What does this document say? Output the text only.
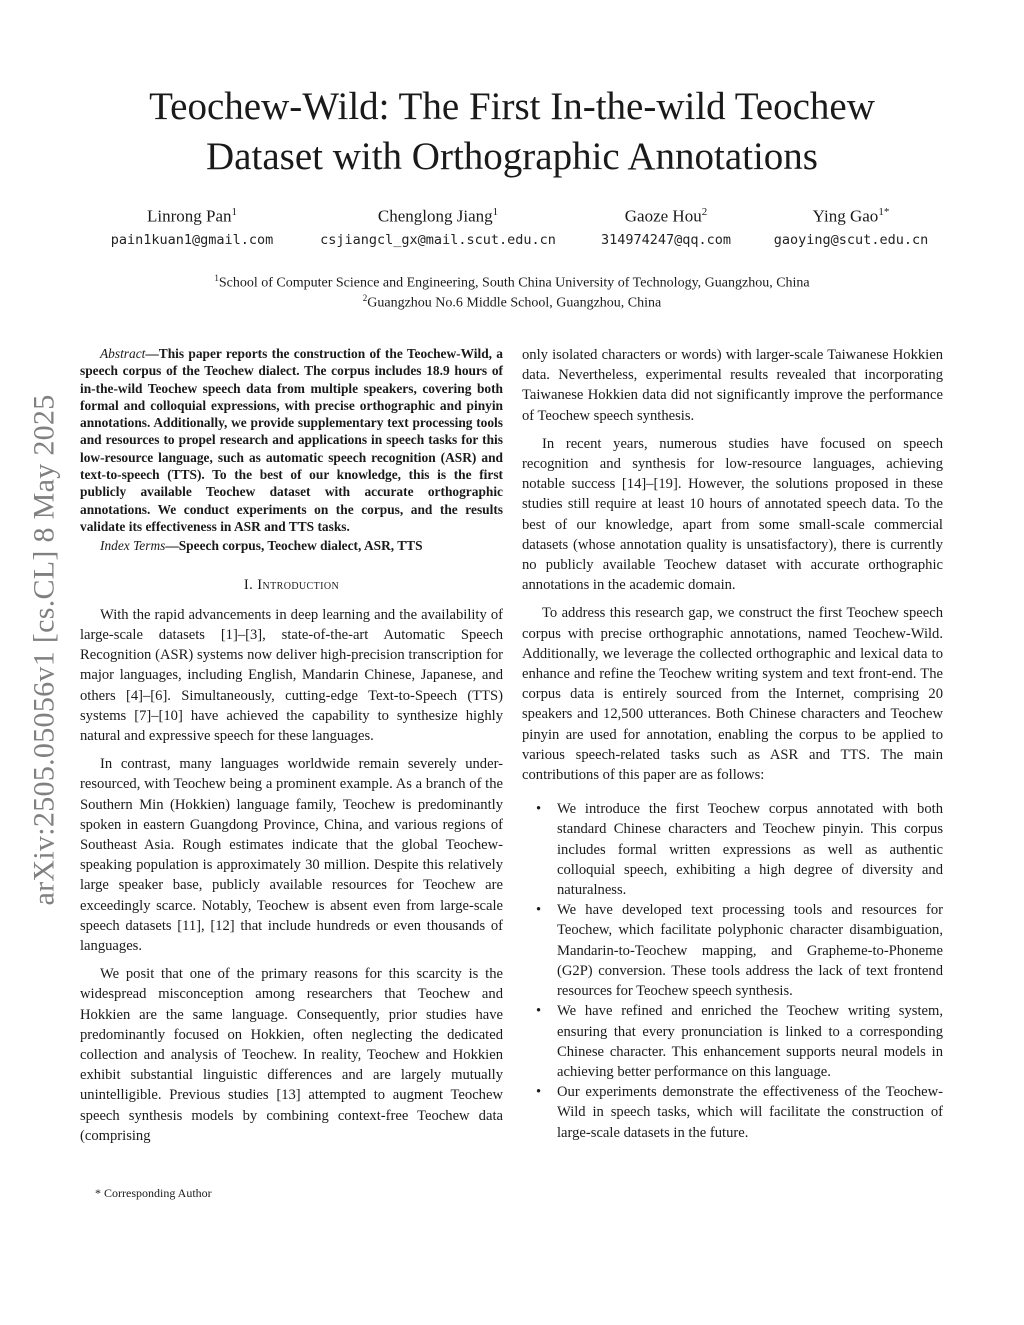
arXiv:2505.05056v1 [cs.CL] 8 May 2025
Teochew-Wild: The First In-the-wild Teochew Dataset with Orthographic Annotations
Linrong Pan$^1$
pain1kuan1@gmail.com
Chenglong Jiang$^1$
csjiangcl_gx@mail.scut.edu.cn
Gaoze Hou$^2$
314974247@qq.com
Ying Gao$^{1*}$
gaoying@scut.edu.cn
$^1$School of Computer Science and Engineering, South China University of Technology, Guangzhou, China
$^2$Guangzhou No.6 Middle School, Guangzhou, China
Abstract—This paper reports the construction of the Teochew-Wild, a speech corpus of the Teochew dialect. The corpus includes 18.9 hours of in-the-wild Teochew speech data from multiple speakers, covering both formal and colloquial expressions, with precise orthographic and pinyin annotations. Additionally, we provide supplementary text processing tools and resources to propel research and applications in speech tasks for this low-resource language, such as automatic speech recognition (ASR) and text-to-speech (TTS). To the best of our knowledge, this is the first publicly available Teochew dataset with accurate orthographic annotations. We conduct experiments on the corpus, and the results validate its effectiveness in ASR and TTS tasks.
Index Terms—Speech corpus, Teochew dialect, ASR, TTS
I. Introduction

With the rapid advancements in deep learning and the availability of large-scale datasets [1]–[3], state-of-the-art Automatic Speech Recognition (ASR) systems now deliver high-precision transcription for major languages, including English, Mandarin Chinese, Japanese, and others [4]–[6]. Simultaneously, cutting-edge Text-to-Speech (TTS) systems [7]–[10] have achieved the capability to synthesize highly natural and expressive speech for these languages.

In contrast, many languages worldwide remain severely under-resourced, with Teochew being a prominent example. As a branch of the Southern Min (Hokkien) language family, Teochew is predominantly spoken in eastern Guangdong Province, China, and various regions of Southeast Asia. Rough estimates indicate that the global Teochew-speaking population is approximately 30 million. Despite this relatively large speaker base, publicly available resources for Teochew are exceedingly scarce. Notably, Teochew is absent even from large-scale speech datasets [11], [12] that include hundreds or even thousands of languages.

We posit that one of the primary reasons for this scarcity is the widespread misconception among researchers that Teochew and Hokkien are the same language. Consequently, prior studies have predominantly focused on Hokkien, often neglecting the dedicated collection and analysis of Teochew. In reality, Teochew and Hokkien exhibit substantial linguistic differences and are largely mutually unintelligible. Previous studies [13] attempted to augment Teochew speech synthesis models by combining context-free Teochew data (comprising

only isolated characters or words) with larger-scale Taiwanese Hokkien data. Nevertheless, experimental results revealed that incorporating Taiwanese Hokkien data did not significantly improve the performance of Teochew speech synthesis.

In recent years, numerous studies have focused on speech recognition and synthesis for low-resource languages, achieving notable success [14]–[19]. However, the solutions proposed in these studies still require at least 10 hours of annotated speech data. To the best of our knowledge, apart from some small-scale commercial datasets (whose annotation quality is unsatisfactory), there is currently no publicly available Teochew dataset with accurate orthographic annotations in the academic domain.

To address this research gap, we construct the first Teochew speech corpus with precise orthographic annotations, named Teochew-Wild. Additionally, we leverage the collected orthographic and lexical data to enhance and refine the Teochew writing system and text front-end. The corpus data is entirely sourced from the Internet, comprising 20 speakers and 12,500 utterances. Both Chinese characters and Teochew pinyin are used for annotation, enabling the corpus to be applied to various speech-related tasks such as ASR and TTS. The main contributions of this paper are as follows:

• We introduce the first Teochew corpus annotated with both standard Chinese characters and Teochew pinyin. This corpus includes formal written expressions as well as authentic colloquial speech, exhibiting a high degree of diversity and naturalness.
• We have developed text processing tools and resources for Teochew, which facilitate polyphonic character disambiguation, Mandarin-to-Teochew mapping, and Grapheme-to-Phoneme (G2P) conversion. These tools address the lack of text frontend resources for Teochew speech synthesis.
• We have refined and enriched the Teochew writing system, ensuring that every pronunciation is linked to a corresponding Chinese character. This enhancement supports neural models in achieving better performance on this language.
• Our experiments demonstrate the effectiveness of the Teochew-Wild in speech tasks, which will facilitate the construction of large-scale datasets in the future.
* Corresponding Author
